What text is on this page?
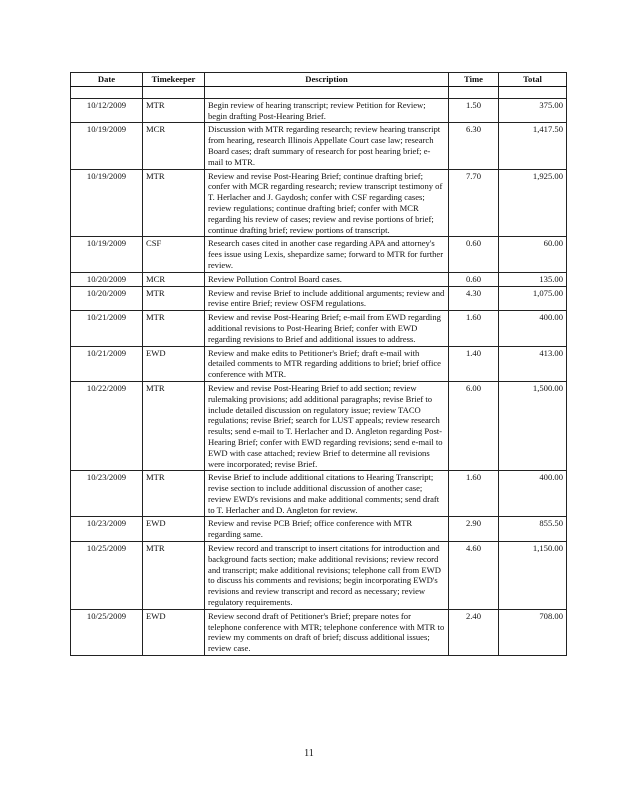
Date	Timekeeper	Description	Time	Total

10/12/2009	MTR	Begin review of hearing transcript; review Petition for Review; begin drafting Post-Hearing Brief.	1.50	375.00
10/19/2009	MCR	Discussion with MTR regarding research; review hearing transcript from hearing, research Illinois Appellate Court case law; research Board cases; draft summary of research for post hearing brief; e-mail to MTR.	6.30	1,417.50
10/19/2009	MTR	Review and revise Post-Hearing Brief; continue drafting brief; confer with MCR regarding research; review transcript testimony of T. Herlacher and J. Gaydosh; confer with CSF regarding cases; review regulations; continue drafting brief; confer with MCR regarding his review of cases; review and revise portions of brief; continue drafting brief; review portions of transcript.	7.70	1,925.00
10/19/2009	CSF	Research cases cited in another case regarding APA and attorney's fees issue using Lexis, shepardize same; forward to MTR for further review.	0.60	60.00
10/20/2009	MCR	Review Pollution Control Board cases.	0.60	135.00
10/20/2009	MTR	Review and revise Brief to include additional arguments; review and revise entire Brief; review OSFM regulations.	4.30	1,075.00
10/21/2009	MTR	Review and revise Post-Hearing Brief; e-mail from EWD regarding additional revisions to Post-Hearing Brief; confer with EWD regarding revisions to Brief and additional issues to address.	1.60	400.00
10/21/2009	EWD	Review and make edits to Petitioner's Brief; draft e-mail with detailed comments to MTR regarding additions to brief; brief office conference with MTR.	1.40	413.00
10/22/2009	MTR	Review and revise Post-Hearing Brief to add section; review rulemaking provisions; add additional paragraphs; revise Brief to include detailed discussion on regulatory issue; review TACO regulations; revise Brief; search for LUST appeals; review research results; send e-mail to T. Herlacher and D. Angleton regarding Post-Hearing Brief; confer with EWD regarding revisions; send e-mail to EWD with case attached; review Brief to determine all revisions were incorporated; revise Brief.	6.00	1,500.00
10/23/2009	MTR	Revise Brief to include additional citations to Hearing Transcript; revise section to include additional discussion of another case; review EWD's revisions and make additional comments; send draft to T. Herlacher and D. Angleton for review.	1.60	400.00
10/23/2009	EWD	Review and revise PCB Brief; office conference with MTR regarding same.	2.90	855.50
10/25/2009	MTR	Review record and transcript to insert citations for introduction and background facts section; make additional revisions; review record and transcript; make additional revisions; telephone call from EWD to discuss his comments and revisions; begin incorporating EWD's revisions and review transcript and record as necessary; review regulatory requirements.	4.60	1,150.00
10/25/2009	EWD	Review second draft of Petitioner's Brief; prepare notes for telephone conference with MTR; telephone conference with MTR to review my comments on draft of brief; discuss additional issues; review case.	2.40	708.00
11
